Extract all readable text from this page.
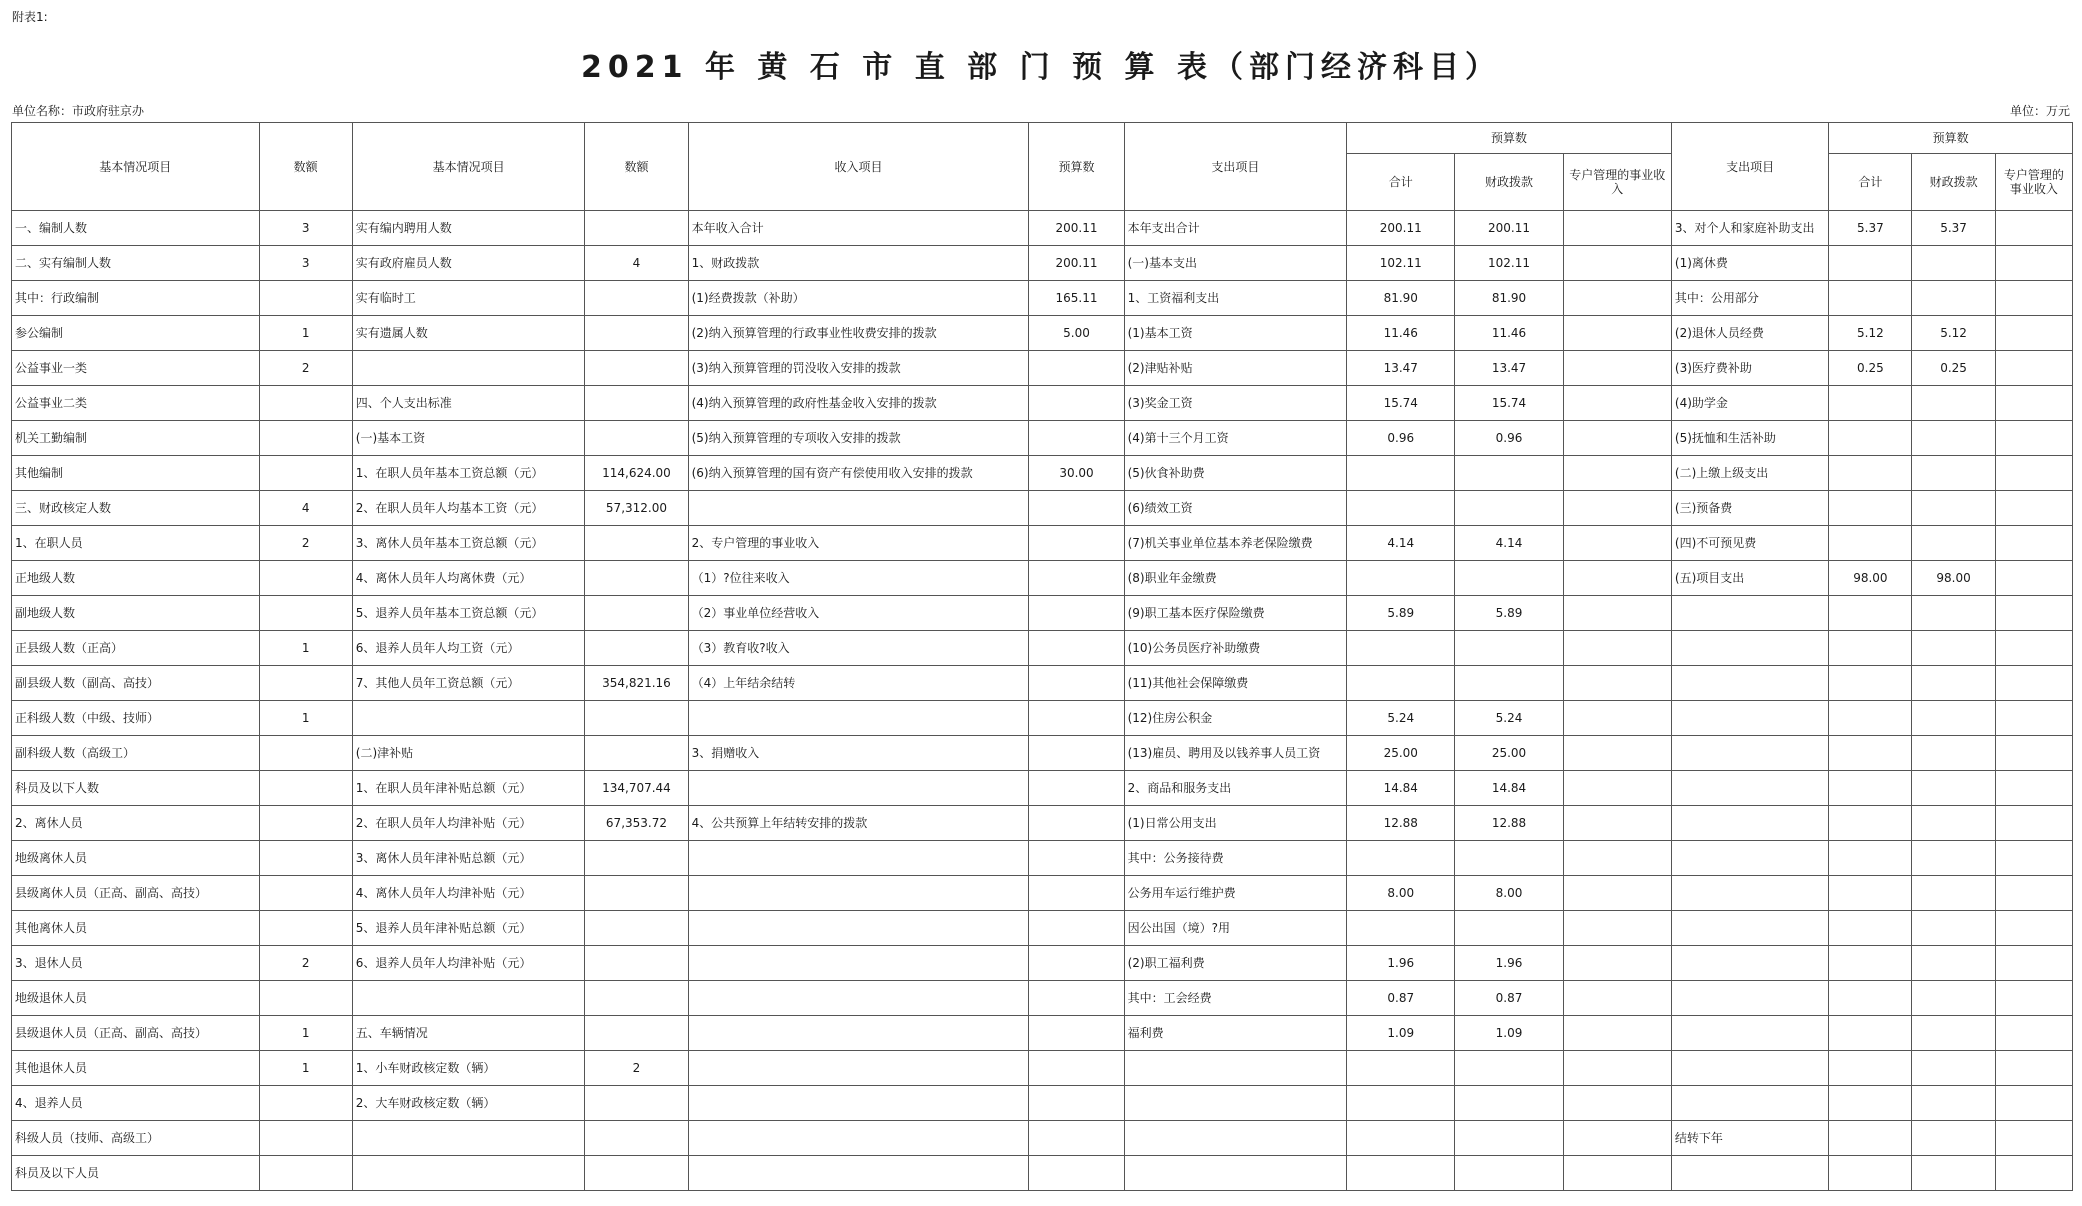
附表1:
2021 年 黄 石 市 直 部 门 预 算 表（部门经济科目）
单位名称：市政府驻京办	单位：万元
基本情况项目	数额	基本情况项目	数额	收入项目	预算数	支出项目	预算数			支出项目	预算数		
							合计	财政拨款	专户管理的事业收入		合计	财政拨款	专户管理的事业收入
一、编制人数	3	实有编内聘用人数		本年收入合计	200.11	本年支出合计	200.11	200.11		3、对个人和家庭补助支出	5.37	5.37	
二、实有编制人数	3	实有政府雇员人数	4	1、财政拨款	200.11	(一)基本支出	102.11	102.11		(1)离休费			
其中：行政编制		实有临时工		(1)经费拨款（补助）	165.11	1、工资福利支出	81.90	81.90		其中：公用部分			
参公编制	1	实有遗属人数		(2)纳入预算管理的行政事业性收费安排的拨款	5.00	(1)基本工资	11.46	11.46		(2)退休人员经费	5.12	5.12	
公益事业一类	2			(3)纳入预算管理的罚没收入安排的拨款		(2)津贴补贴	13.47	13.47		(3)医疗费补助	0.25	0.25	
公益事业二类		四、个人支出标准		(4)纳入预算管理的政府性基金收入安排的拨款		(3)奖金工资	15.74	15.74		(4)助学金			
机关工勤编制		(一)基本工资		(5)纳入预算管理的专项收入安排的拨款		(4)第十三个月工资	0.96	0.96		(5)抚恤和生活补助			
其他编制		1、在职人员年基本工资总额（元）	114,624.00	(6)纳入预算管理的国有资产有偿使用收入安排的拨款	30.00	(5)伙食补助费				(二)上缴上级支出			
三、财政核定人数	4	2、在职人员年人均基本工资（元）	57,312.00			(6)绩效工资				(三)预备费			
1、在职人员	2	3、离休人员年基本工资总额（元）		2、专户管理的事业收入		(7)机关事业单位基本养老保险缴费	4.14	4.14		(四)不可预见费			
正地级人数		4、离休人员年人均离休费（元）		（1）?位往来收入		(8)职业年金缴费				(五)项目支出	98.00	98.00	
副地级人数		5、退养人员年基本工资总额（元）		（2）事业单位经营收入		(9)职工基本医疗保险缴费	5.89	5.89					
正县级人数（正高）	1	6、退养人员年人均工资（元）		（3）教育收?收入		(10)公务员医疗补助缴费							
副县级人数（副高、高技）		7、其他人员年工资总额（元）	354,821.16	（4）上年结余结转		(11)其他社会保障缴费							
正科级人数（中级、技师）	1					(12)住房公积金	5.24	5.24					
副科级人数（高级工）		(二)津补贴		3、捐赠收入		(13)雇员、聘用及以钱养事人员工资	25.00	25.00					
科员及以下人数		1、在职人员年津补贴总额（元）	134,707.44			2、商品和服务支出	14.84	14.84					
2、离休人员		2、在职人员年人均津补贴（元）	67,353.72	4、公共预算上年结转安排的拨款		(1)日常公用支出	12.88	12.88					
地级离休人员		3、离休人员年津补贴总额（元）				其中：公务接待费							
县级离休人员（正高、副高、高技）		4、离休人员年人均津补贴（元）				公务用车运行维护费	8.00	8.00					
其他离休人员		5、退养人员年津补贴总额（元）				因公出国（境）?用							
3、退休人员	2	6、退养人员年人均津补贴（元）				(2)职工福利费	1.96	1.96					
地级退休人员						其中：工会经费	0.87	0.87					
县级退休人员（正高、副高、高技）	1	五、车辆情况				福利费	1.09	1.09					
其他退休人员	1	1、小车财政核定数（辆）	2										
4、退养人员		2、大车财政核定数（辆）											
科级人员（技师、高级工）										结转下年			
科员及以下人员													
